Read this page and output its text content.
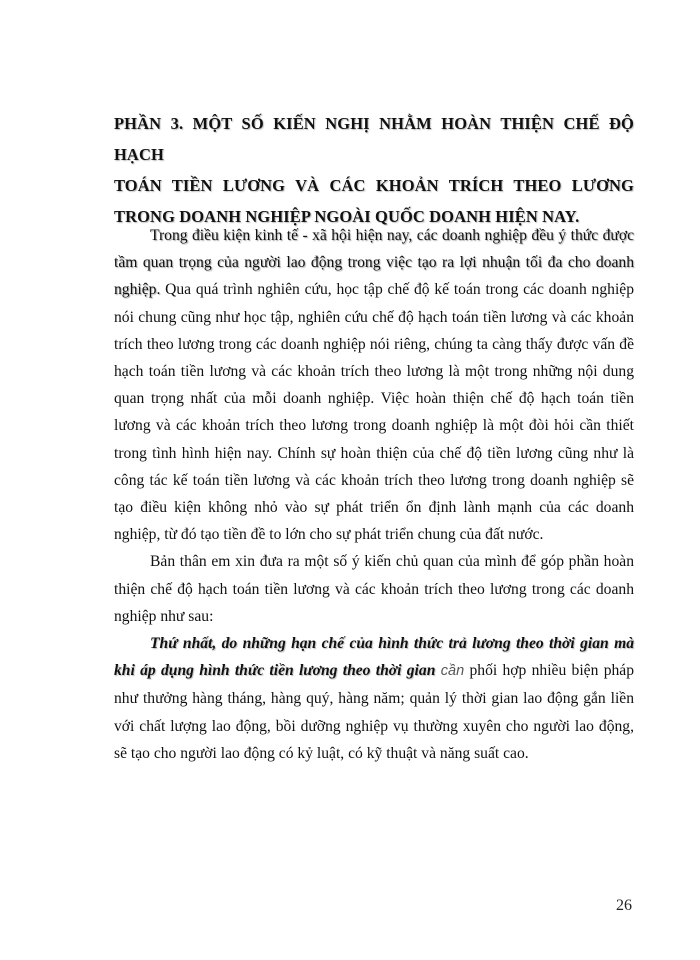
PHẦN 3. MỘT SỐ KIẾN NGHỊ NHẰM HOÀN THIỆN CHẾ ĐỘ HẠCH
TOÁN TIỀN LƯƠNG VÀ CÁC KHOẢN TRÍCH THEO LƯƠNG
TRONG DOANH NGHIỆP NGOÀI QUỐC DOANH HIỆN NAY.

Trong điều kiện kinh tế - xã hội hiện nay, các doanh nghiệp đều ý thức được tầm quan trọng của người lao động trong việc tạo ra lợi nhuận tối đa cho doanh nghiệp. Qua quá trình nghiên cứu, học tập chế độ kế toán trong các doanh nghiệp nói chung cũng như học tập, nghiên cứu chế độ hạch toán tiền lương và các khoản trích theo lương trong các doanh nghiệp nói riêng, chúng ta càng thấy được vấn đề hạch toán tiền lương và các khoản trích theo lương là một trong những nội dung quan trọng nhất của mỗi doanh nghiệp. Việc hoàn thiện chế độ hạch toán tiền lương và các khoản trích theo lương trong doanh nghiệp là một đòi hỏi cần thiết trong tình hình hiện nay. Chính sự hoàn thiện của chế độ tiền lương cũng như là công tác kế toán tiền lương và các khoản trích theo lương trong doanh nghiệp sẽ tạo điều kiện không nhỏ vào sự phát triển ổn định lành mạnh của các doanh nghiệp, từ đó tạo tiền đề to lớn cho sự phát triển chung của đất nước.

Bản thân em xin đưa ra một số ý kiến chủ quan của mình để góp phần hoàn thiện chế độ hạch toán tiền lương và các khoản trích theo lương trong các doanh nghiệp như sau:

Thứ nhất, do những hạn chế của hình thức trả lương theo thời gian mà khi áp dụng hình thức tiền lương theo thời gian cần phối hợp nhiều biện pháp như thưởng hàng tháng, hàng quý, hàng năm; quản lý thời gian lao động gắn liền với chất lượng lao động, bồi dưỡng nghiệp vụ thường xuyên cho người lao động, sẽ tạo cho người lao động có kỷ luật, có kỹ thuật và năng suất cao.

26
